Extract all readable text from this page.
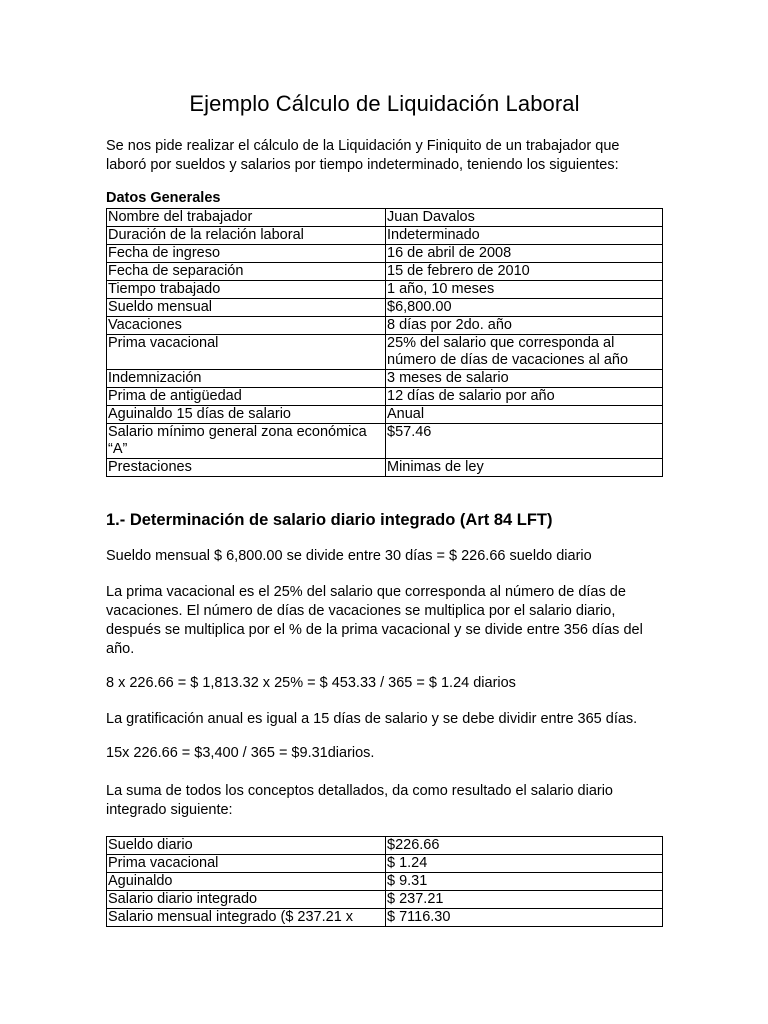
Ejemplo Cálculo de Liquidación Laboral

Se nos pide realizar el cálculo de la Liquidación y Finiquito de un trabajador que laboró por sueldos y salarios por tiempo indeterminado, teniendo los siguientes:

Datos Generales

Nombre del trabajador	Juan Davalos
Duración de la relación laboral	Indeterminado
Fecha de ingreso	16 de abril de 2008
Fecha de separación	15 de febrero de 2010
Tiempo trabajado	1 año, 10 meses
Sueldo mensual	$6,800.00
Vacaciones	8 días por 2do. año
Prima vacacional	25% del salario que corresponda al número de días de vacaciones al año
Indemnización	3 meses de salario
Prima de antigüedad	12 días de salario por año
Aguinaldo 15 días de salario	Anual
Salario mínimo general zona económica “A”	$57.46
Prestaciones	Minimas de ley

1.- Determinación de salario diario integrado (Art 84 LFT)

Sueldo mensual $ 6,800.00 se divide entre 30 días = $ 226.66 sueldo diario

La prima vacacional es el 25% del salario que corresponda al número de días de vacaciones. El número de días de vacaciones se multiplica por el salario diario, después se multiplica por el % de la prima vacacional y se divide entre 356 días del año.

8 x 226.66 = $ 1,813.32 x 25% = $ 453.33 / 365 = $ 1.24 diarios

La gratificación anual es igual a 15 días de salario y se debe dividir entre 365 días.

15x 226.66 = $3,400 / 365 = $9.31diarios.

La suma de todos los conceptos detallados, da como resultado el salario diario integrado siguiente:

Sueldo diario	$226.66
Prima vacacional	$ 1.24
Aguinaldo	$ 9.31
Salario diario integrado	$ 237.21
Salario mensual integrado ($ 237.21 x	$ 7116.30
